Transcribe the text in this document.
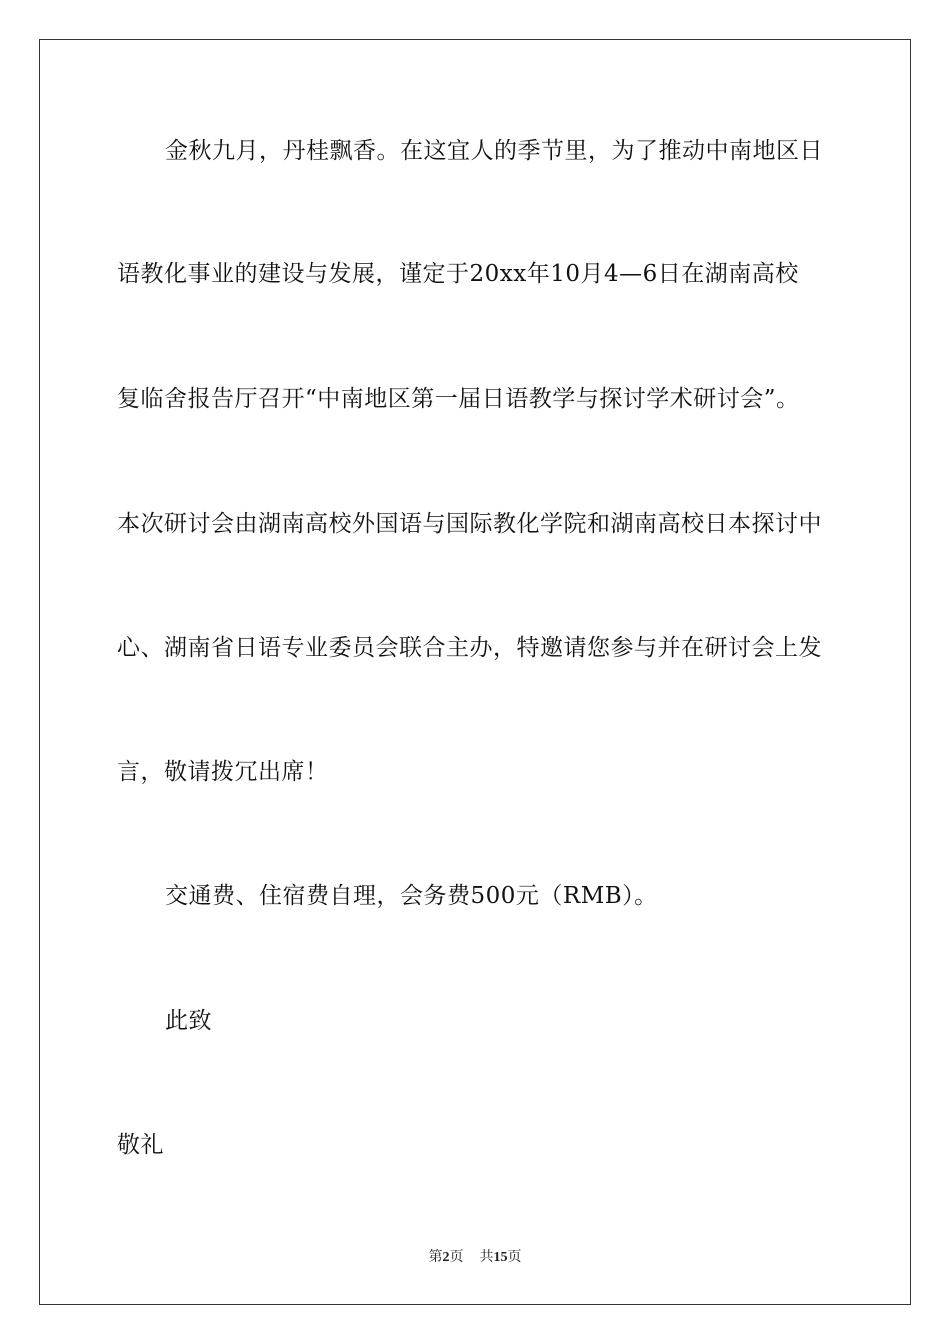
金秋九月，丹桂飘香。在这宜人的季节里，为了推动中南地区日
语教化事业的建设与发展，谨定于20xx年10月4—6日在湖南高校
复临舍报告厅召开“中南地区第一届日语教学与探讨学术研讨会”。
本次研讨会由湖南高校外国语与国际教化学院和湖南高校日本探讨中
心、湖南省日语专业委员会联合主办，特邀请您参与并在研讨会上发
言，敬请拨冗出席！
交通费、住宿费自理，会务费500元（RMB）。
此致
敬礼
第2页 共15页
